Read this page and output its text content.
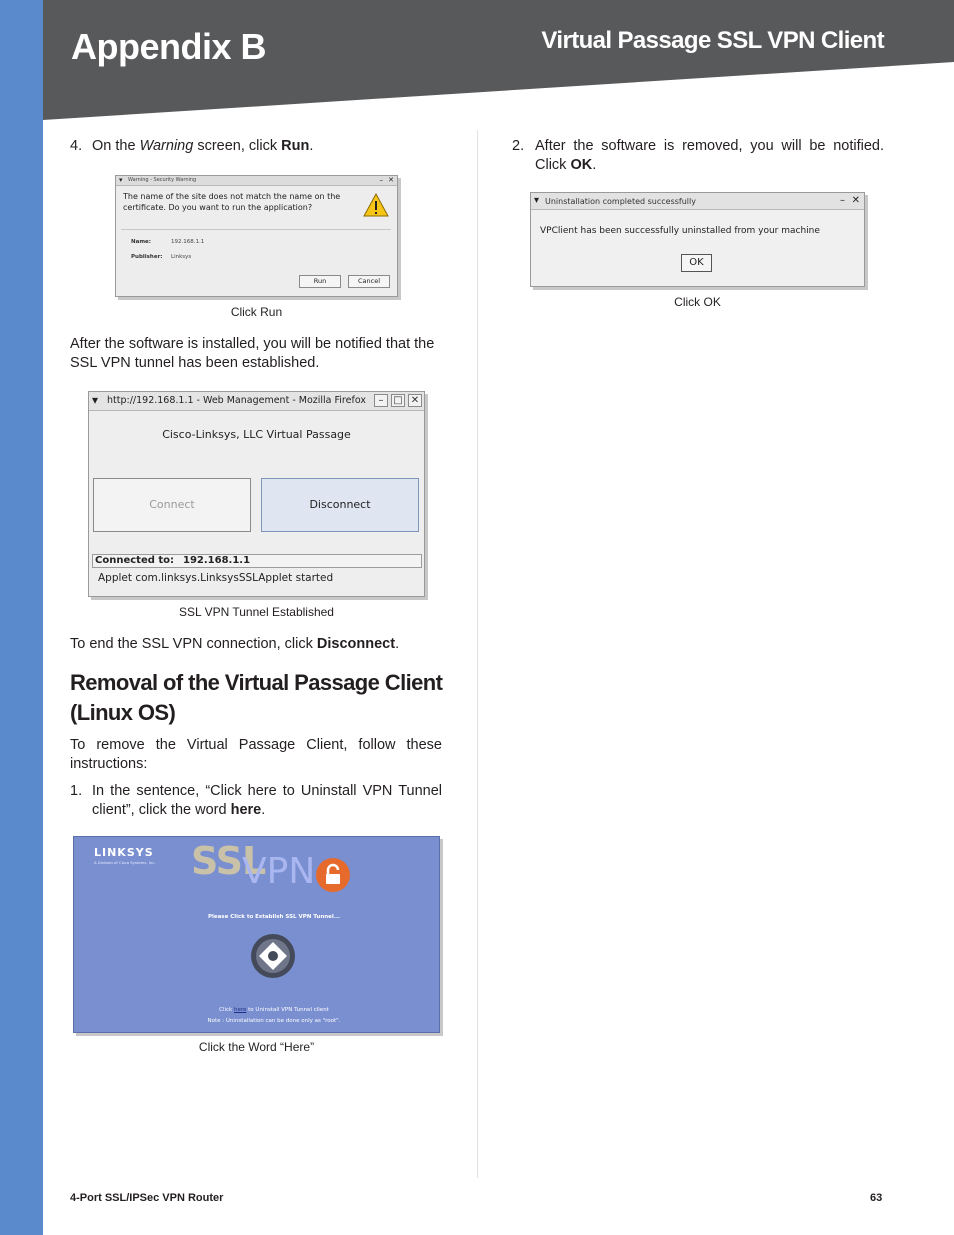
Appendix B	Virtual Passage SSL VPN Client
4. On the Warning screen, click Run.
▾ Warning - Security Warning	– ✕
The name of the site does not match the name on the certificate. Do you want to run the application?
Name:	192.168.1.1
Publisher: Linksys
Run	Cancel
Click Run
After the software is installed, you will be notified that the SSL VPN tunnel has been established.
▾ http://192.168.1.1 - Web Management - Mozilla Firefox	– □ ✕
Cisco-Linksys, LLC Virtual Passage
Connect	Disconnect
Connected to: 192.168.1.1
Applet com.linksys.LinksysSSLApplet started
SSL VPN Tunnel Established
To end the SSL VPN connection, click Disconnect.
Removal of the Virtual Passage Client (Linux OS)
To remove the Virtual Passage Client, follow these instructions:
1. In the sentence, “Click here to Uninstall VPN Tunnel client”, click the word here.
LINKSYS
A Division of Cisco Systems, Inc. SSL
VPN
Please Click to Establish SSL VPN Tunnel...
Click here to Uninstall VPN Tunnel client
Note : Uninstallation can be done only as "root".
Click the Word “Here”
2. After the software is removed, you will be notified. Click OK.
▾ Uninstallation completed successfully	– ✕
VPClient has been successfully uninstalled from your machine
OK
Click OK
4-Port SSL/IPSec VPN Router	63
